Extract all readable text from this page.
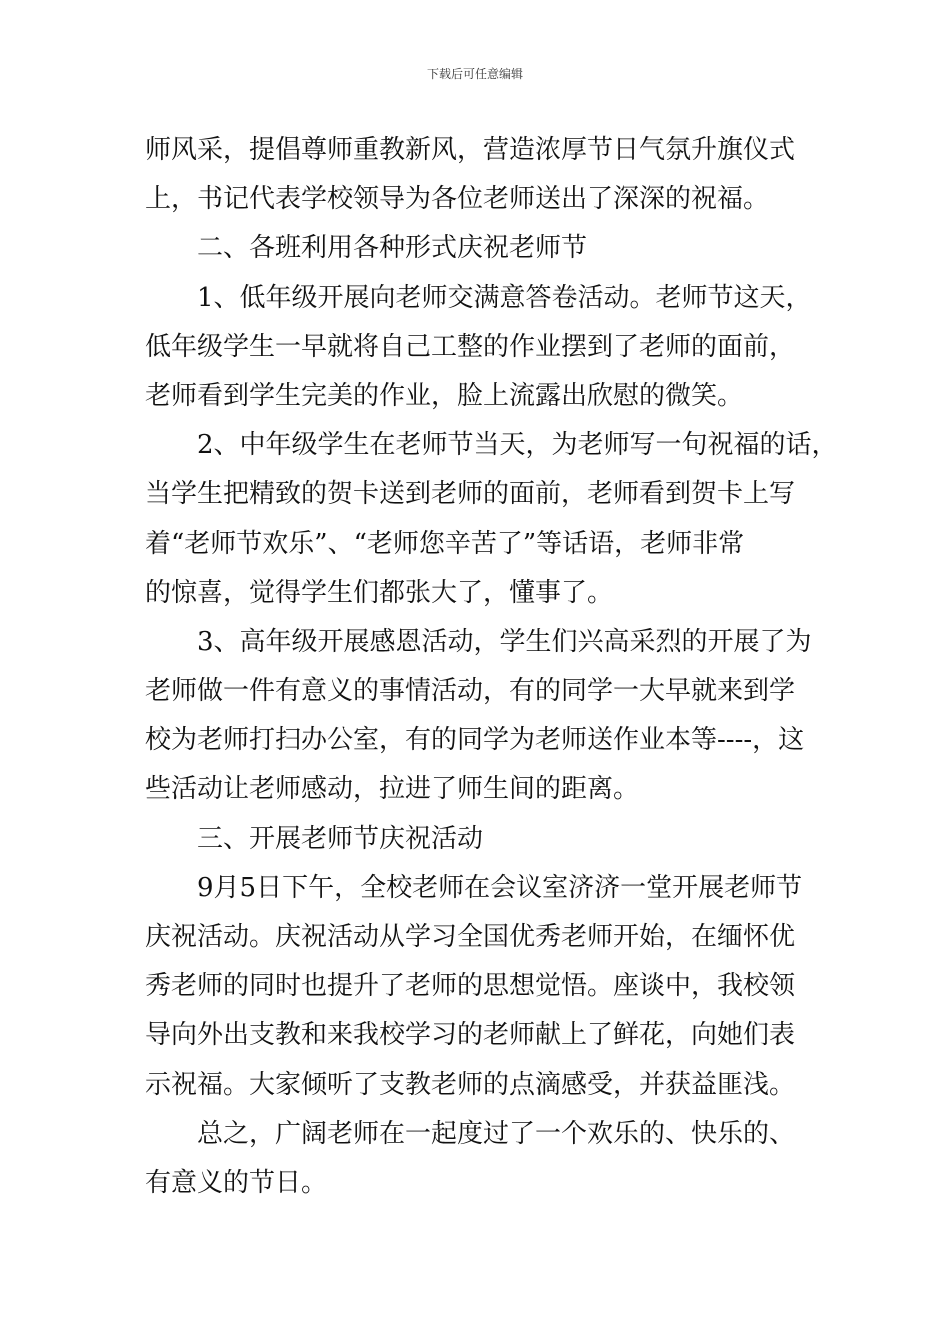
下载后可任意编辑
师风采，提倡尊师重教新风，营造浓厚节日气氛升旗仪式
上，书记代表学校领导为各位老师送出了深深的祝福。
二、各班利用各种形式庆祝老师节
1、低年级开展向老师交满意答卷活动。老师节这天，
低年级学生一早就将自己工整的作业摆到了老师的面前，
老师看到学生完美的作业，脸上流露出欣慰的微笑。
2、中年级学生在老师节当天，为老师写一句祝福的话，
当学生把精致的贺卡送到老师的面前，老师看到贺卡上写
着“老师节欢乐”、“老师您辛苦了”等话语，老师非常
的惊喜，觉得学生们都张大了，懂事了。
3、高年级开展感恩活动，学生们兴高采烈的开展了为
老师做一件有意义的事情活动，有的同学一大早就来到学
校为老师打扫办公室，有的同学为老师送作业本等----，这
些活动让老师感动，拉进了师生间的距离。
三、开展老师节庆祝活动
9月5日下午，全校老师在会议室济济一堂开展老师节
庆祝活动。庆祝活动从学习全国优秀老师开始，在缅怀优
秀老师的同时也提升了老师的思想觉悟。座谈中，我校领
导向外出支教和来我校学习的老师献上了鲜花，向她们表
示祝福。大家倾听了支教老师的点滴感受，并获益匪浅。
总之，广阔老师在一起度过了一个欢乐的、快乐的、
有意义的节日。
